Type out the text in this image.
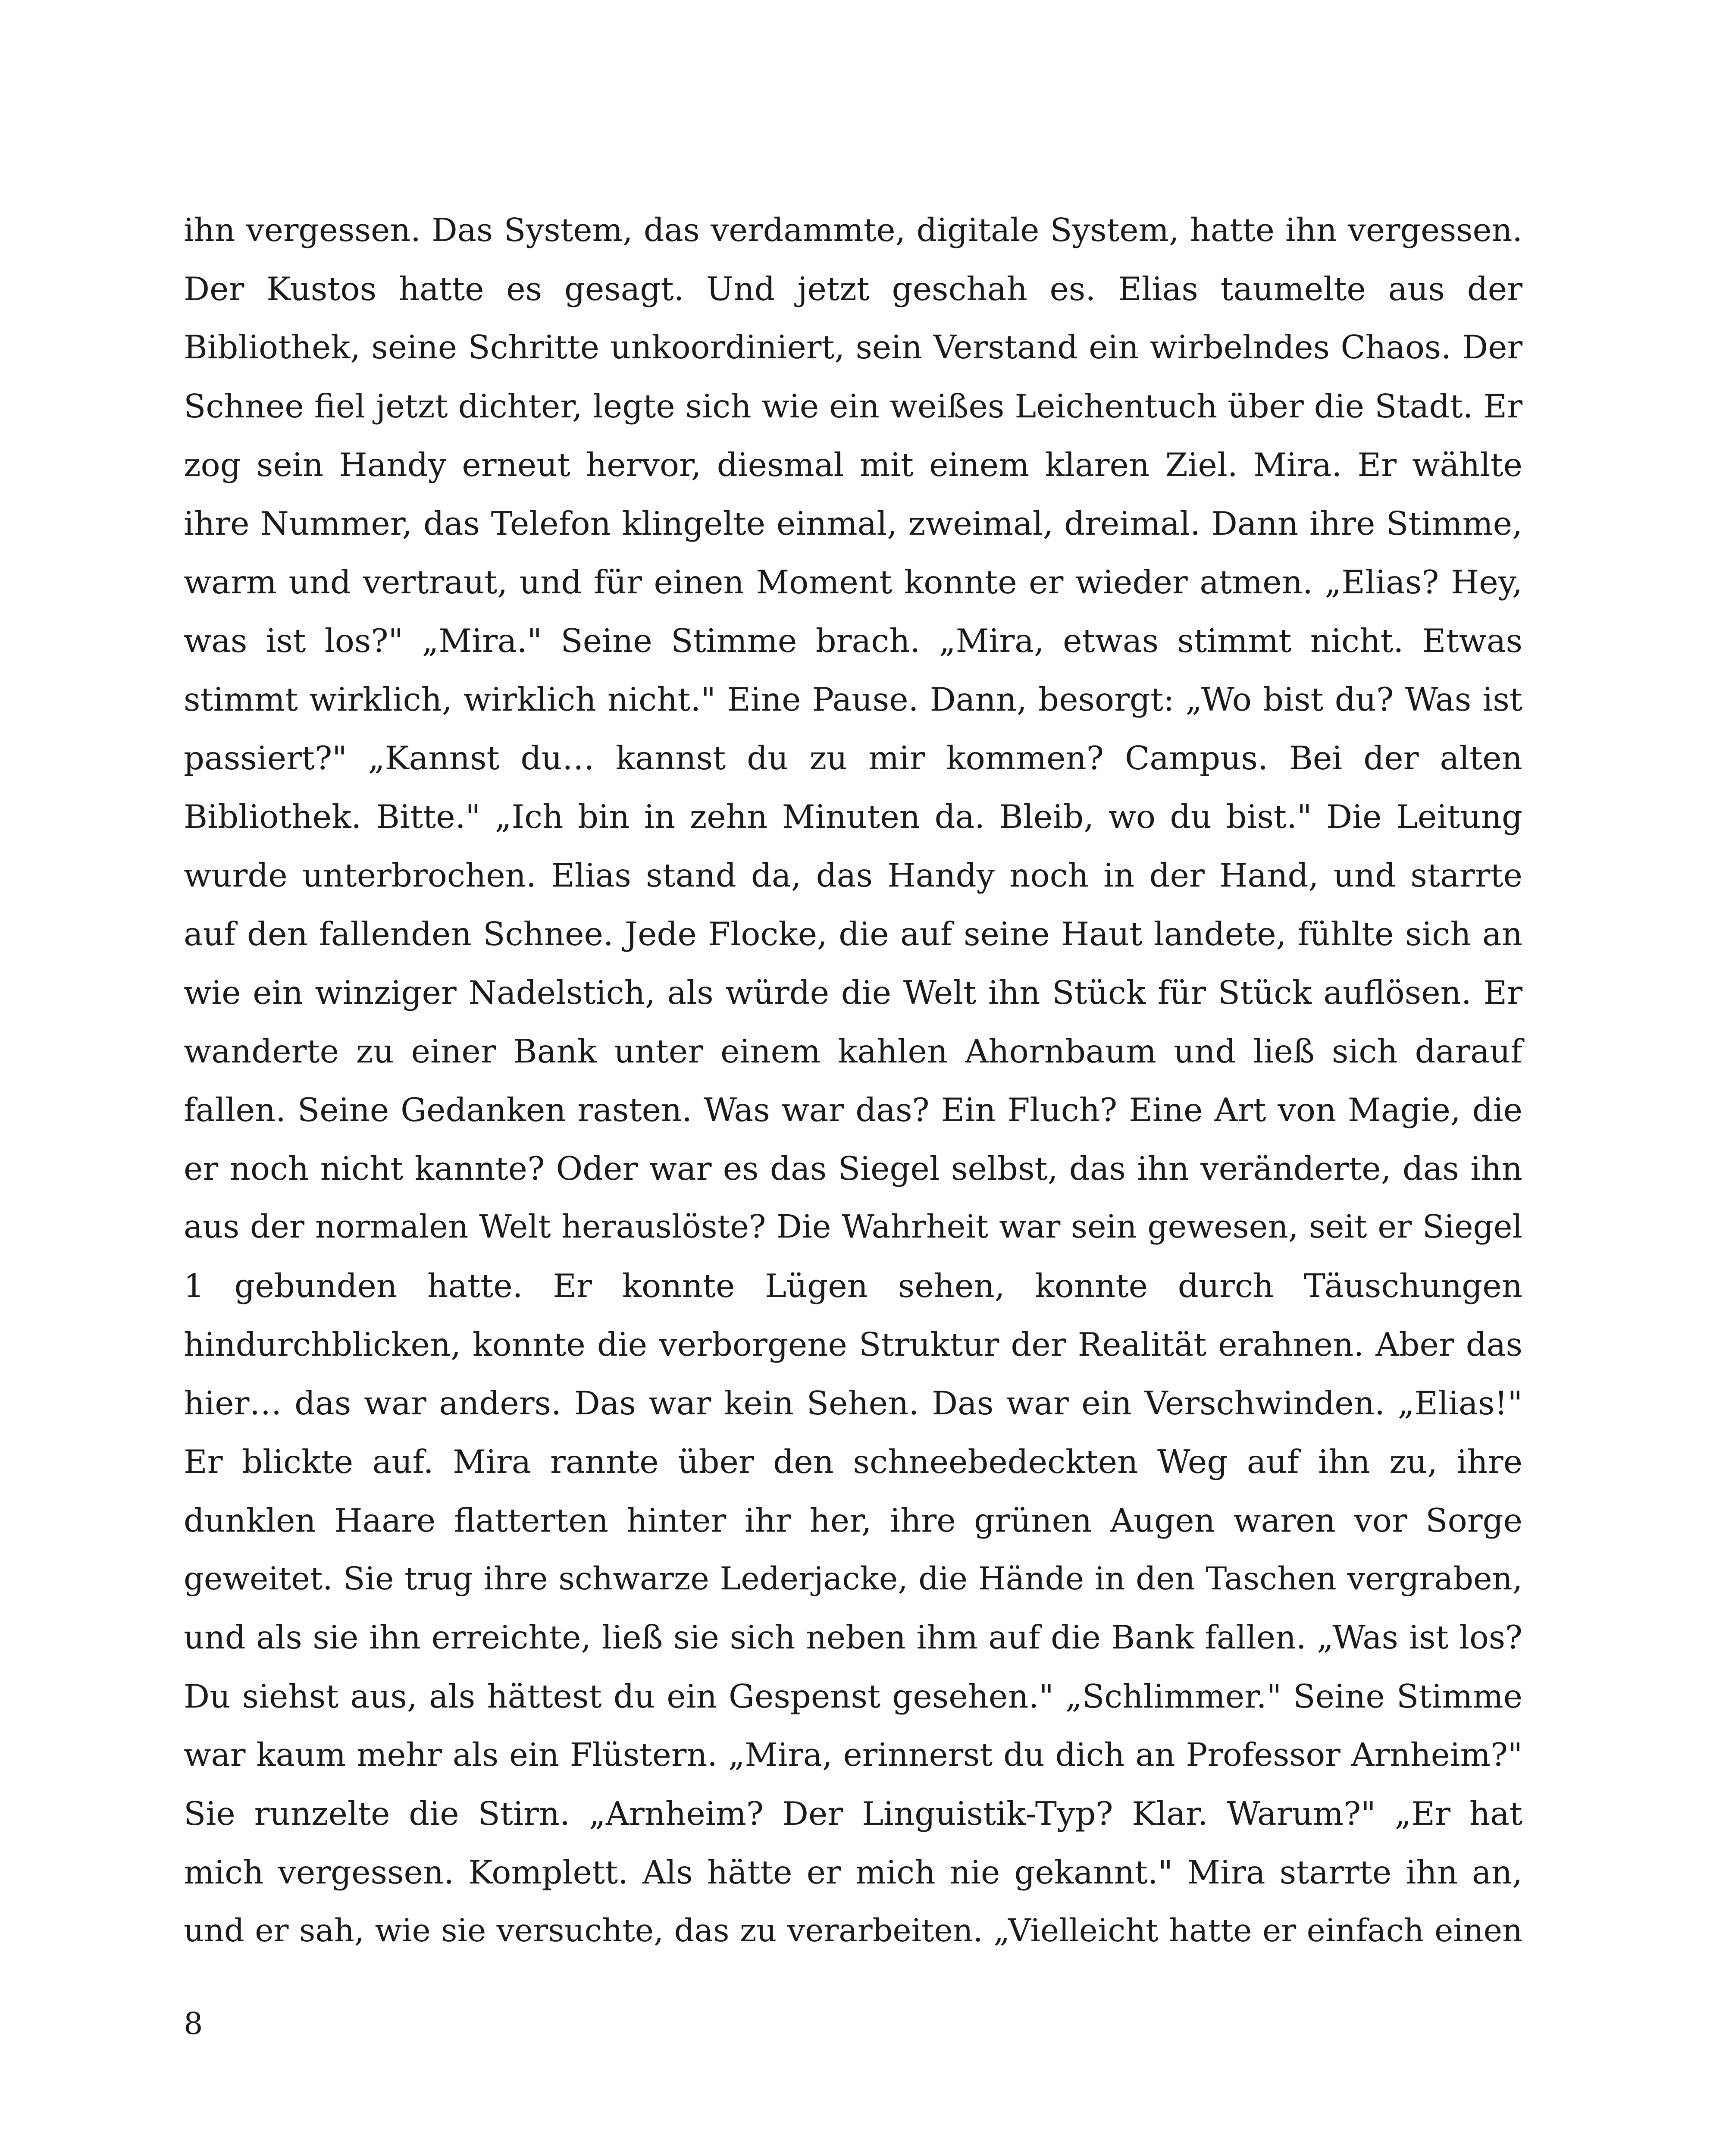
ihn vergessen. Das System, das verdammte, digitale System, hatte ihn vergessen.
Der Kustos hatte es gesagt. Und jetzt geschah es. Elias taumelte aus der
Bibliothek, seine Schritte unkoordiniert, sein Verstand ein wirbelndes Chaos. Der
Schnee fiel jetzt dichter, legte sich wie ein weißes Leichentuch über die Stadt. Er
zog sein Handy erneut hervor, diesmal mit einem klaren Ziel. Mira. Er wählte
ihre Nummer, das Telefon klingelte einmal, zweimal, dreimal. Dann ihre Stimme,
warm und vertraut, und für einen Moment konnte er wieder atmen. „Elias? Hey,
was ist los?" „Mira." Seine Stimme brach. „Mira, etwas stimmt nicht. Etwas
stimmt wirklich, wirklich nicht." Eine Pause. Dann, besorgt: „Wo bist du? Was ist
passiert?" „Kannst du… kannst du zu mir kommen? Campus. Bei der alten
Bibliothek. Bitte." „Ich bin in zehn Minuten da. Bleib, wo du bist." Die Leitung
wurde unterbrochen. Elias stand da, das Handy noch in der Hand, und starrte
auf den fallenden Schnee. Jede Flocke, die auf seine Haut landete, fühlte sich an
wie ein winziger Nadelstich, als würde die Welt ihn Stück für Stück auflösen. Er
wanderte zu einer Bank unter einem kahlen Ahornbaum und ließ sich darauf
fallen. Seine Gedanken rasten. Was war das? Ein Fluch? Eine Art von Magie, die
er noch nicht kannte? Oder war es das Siegel selbst, das ihn veränderte, das ihn
aus der normalen Welt herauslöste? Die Wahrheit war sein gewesen, seit er Siegel
1 gebunden hatte. Er konnte Lügen sehen, konnte durch Täuschungen
hindurchblicken, konnte die verborgene Struktur der Realität erahnen. Aber das
hier… das war anders. Das war kein Sehen. Das war ein Verschwinden. „Elias!"
Er blickte auf. Mira rannte über den schneebedeckten Weg auf ihn zu, ihre
dunklen Haare flatterten hinter ihr her, ihre grünen Augen waren vor Sorge
geweitet. Sie trug ihre schwarze Lederjacke, die Hände in den Taschen vergraben,
und als sie ihn erreichte, ließ sie sich neben ihm auf die Bank fallen. „Was ist los?
Du siehst aus, als hättest du ein Gespenst gesehen." „Schlimmer." Seine Stimme
war kaum mehr als ein Flüstern. „Mira, erinnerst du dich an Professor Arnheim?"
Sie runzelte die Stirn. „Arnheim? Der Linguistik-Typ? Klar. Warum?" „Er hat
mich vergessen. Komplett. Als hätte er mich nie gekannt." Mira starrte ihn an,
und er sah, wie sie versuchte, das zu verarbeiten. „Vielleicht hatte er einfach einen

8
